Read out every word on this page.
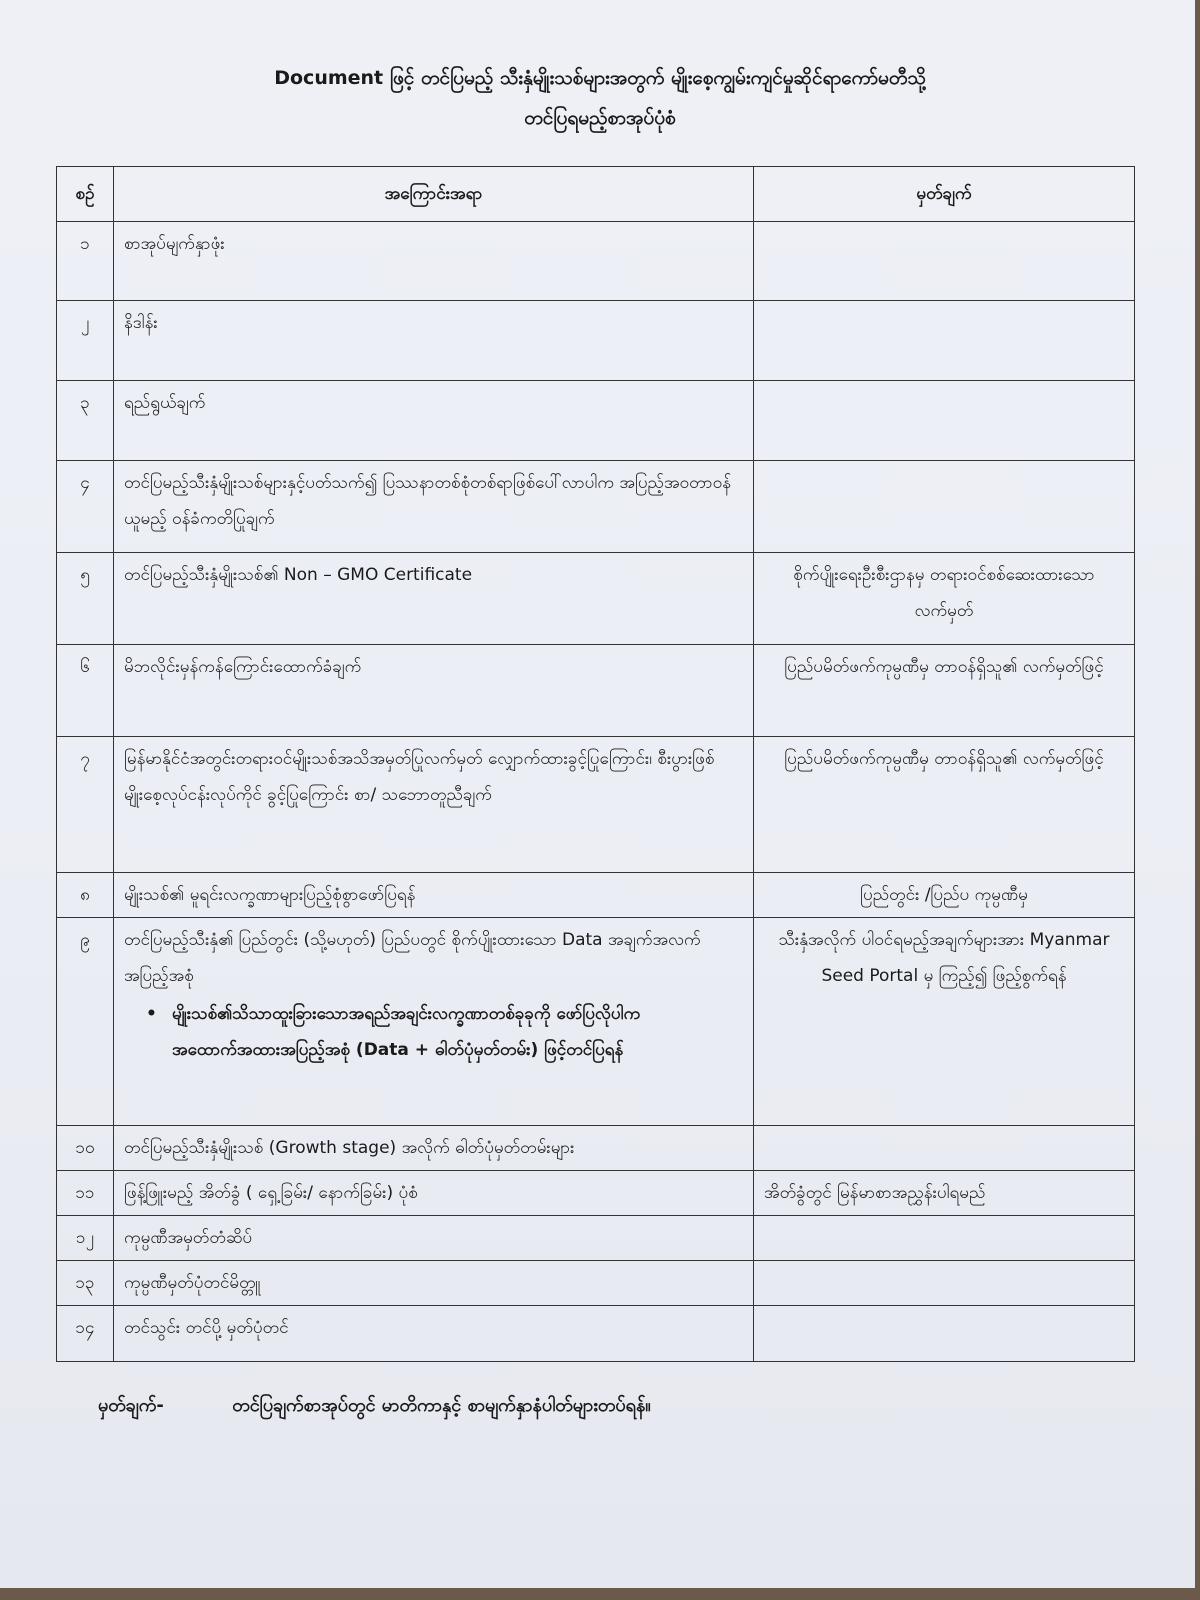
Document ဖြင့် တင်ပြမည့် သီးနှံမျိုးသစ်များအတွက် မျိုးစေ့ကျွမ်းကျင်မှုဆိုင်ရာကော်မတီသို့
တင်ပြရမည့်စာအုပ်ပုံစံ
စဉ်	အကြောင်းအရာ	မှတ်ချက်
၁	စာအုပ်မျက်နှာဖုံး	
၂	နိဒါန်း	
၃	ရည်ရွယ်ချက်	
၄	တင်ပြမည့်သီးနှံမျိုးသစ်များနှင့်ပတ်သက်၍ ပြဿနာတစ်စုံတစ်ရာဖြစ်ပေါ်လာပါက အပြည့်အဝတာဝန်ယူမည့် ဝန်ခံကတိပြုချက်	
၅	တင်ပြမည့်သီးနှံမျိုးသစ်၏ Non – GMO Certificate	စိုက်ပျိုးရေးဦးစီးဌာနမှ တရားဝင်စစ်ဆေးထားသောလက်မှတ်
၆	မိဘလိုင်းမှန်ကန်ကြောင်းထောက်ခံချက်	ပြည်ပမိတ်ဖက်ကုမ္ပဏီမှ တာဝန်ရှိသူ၏ လက်မှတ်ဖြင့်
၇	မြန်မာနိုင်ငံအတွင်းတရားဝင်မျိုးသစ်အသိအမှတ်ပြုလက်မှတ် လျှောက်ထားခွင့်ပြုကြောင်း၊ စီးပွားဖြစ်မျိုးစေ့လုပ်ငန်းလုပ်ကိုင် ခွင့်ပြုကြောင်း စာ/ သဘောတူညီချက်	ပြည်ပမိတ်ဖက်ကုမ္ပဏီမှ တာဝန်ရှိသူ၏ လက်မှတ်ဖြင့်
၈	မျိုးသစ်၏ မူရင်းလက္ခဏာများပြည့်စုံစွာဖော်ပြရန်	ပြည်တွင်း /ပြည်ပ ကုမ္ပဏီမှ
၉	တင်ပြမည့်သီးနှံ၏ ပြည်တွင်း (သို့မဟုတ်) ပြည်ပတွင် စိုက်ပျိုးထားသော Data အချက်အလက်အပြည့်အစုံ
• မျိုးသစ်၏သိသာထူးခြားသောအရည်အချင်းလက္ခဏာတစ်ခုခုကို ဖော်ပြလိုပါက အထောက်အထားအပြည့်အစုံ (Data + ဓါတ်ပုံမှတ်တမ်း) ဖြင့်တင်ပြရန်	သီးနှံအလိုက် ပါဝင်ရမည့်အချက်များအား Myanmar Seed Portal မှ ကြည့်၍ ဖြည့်စွက်ရန်
၁၀	တင်ပြမည့်သီးနှံမျိုးသစ် (Growth stage) အလိုက် ဓါတ်ပုံမှတ်တမ်းများ	
၁၁	ဖြန့်ဖြူးမည့် အိတ်ခွံ ( ရှေ့ခြမ်း/ နောက်ခြမ်း) ပုံစံ	အိတ်ခွံတွင် မြန်မာစာအညွှန်းပါရမည်
၁၂	ကုမ္ပဏီအမှတ်တံဆိပ်	
၁၃	ကုမ္ပဏီမှတ်ပုံတင်မိတ္တူ	
၁၄	တင်သွင်း တင်ပို့ မှတ်ပုံတင်	
မှတ်ချက်-	တင်ပြချက်စာအုပ်တွင် မာတိကာနှင့် စာမျက်နှာနံပါတ်များတပ်ရန်။
